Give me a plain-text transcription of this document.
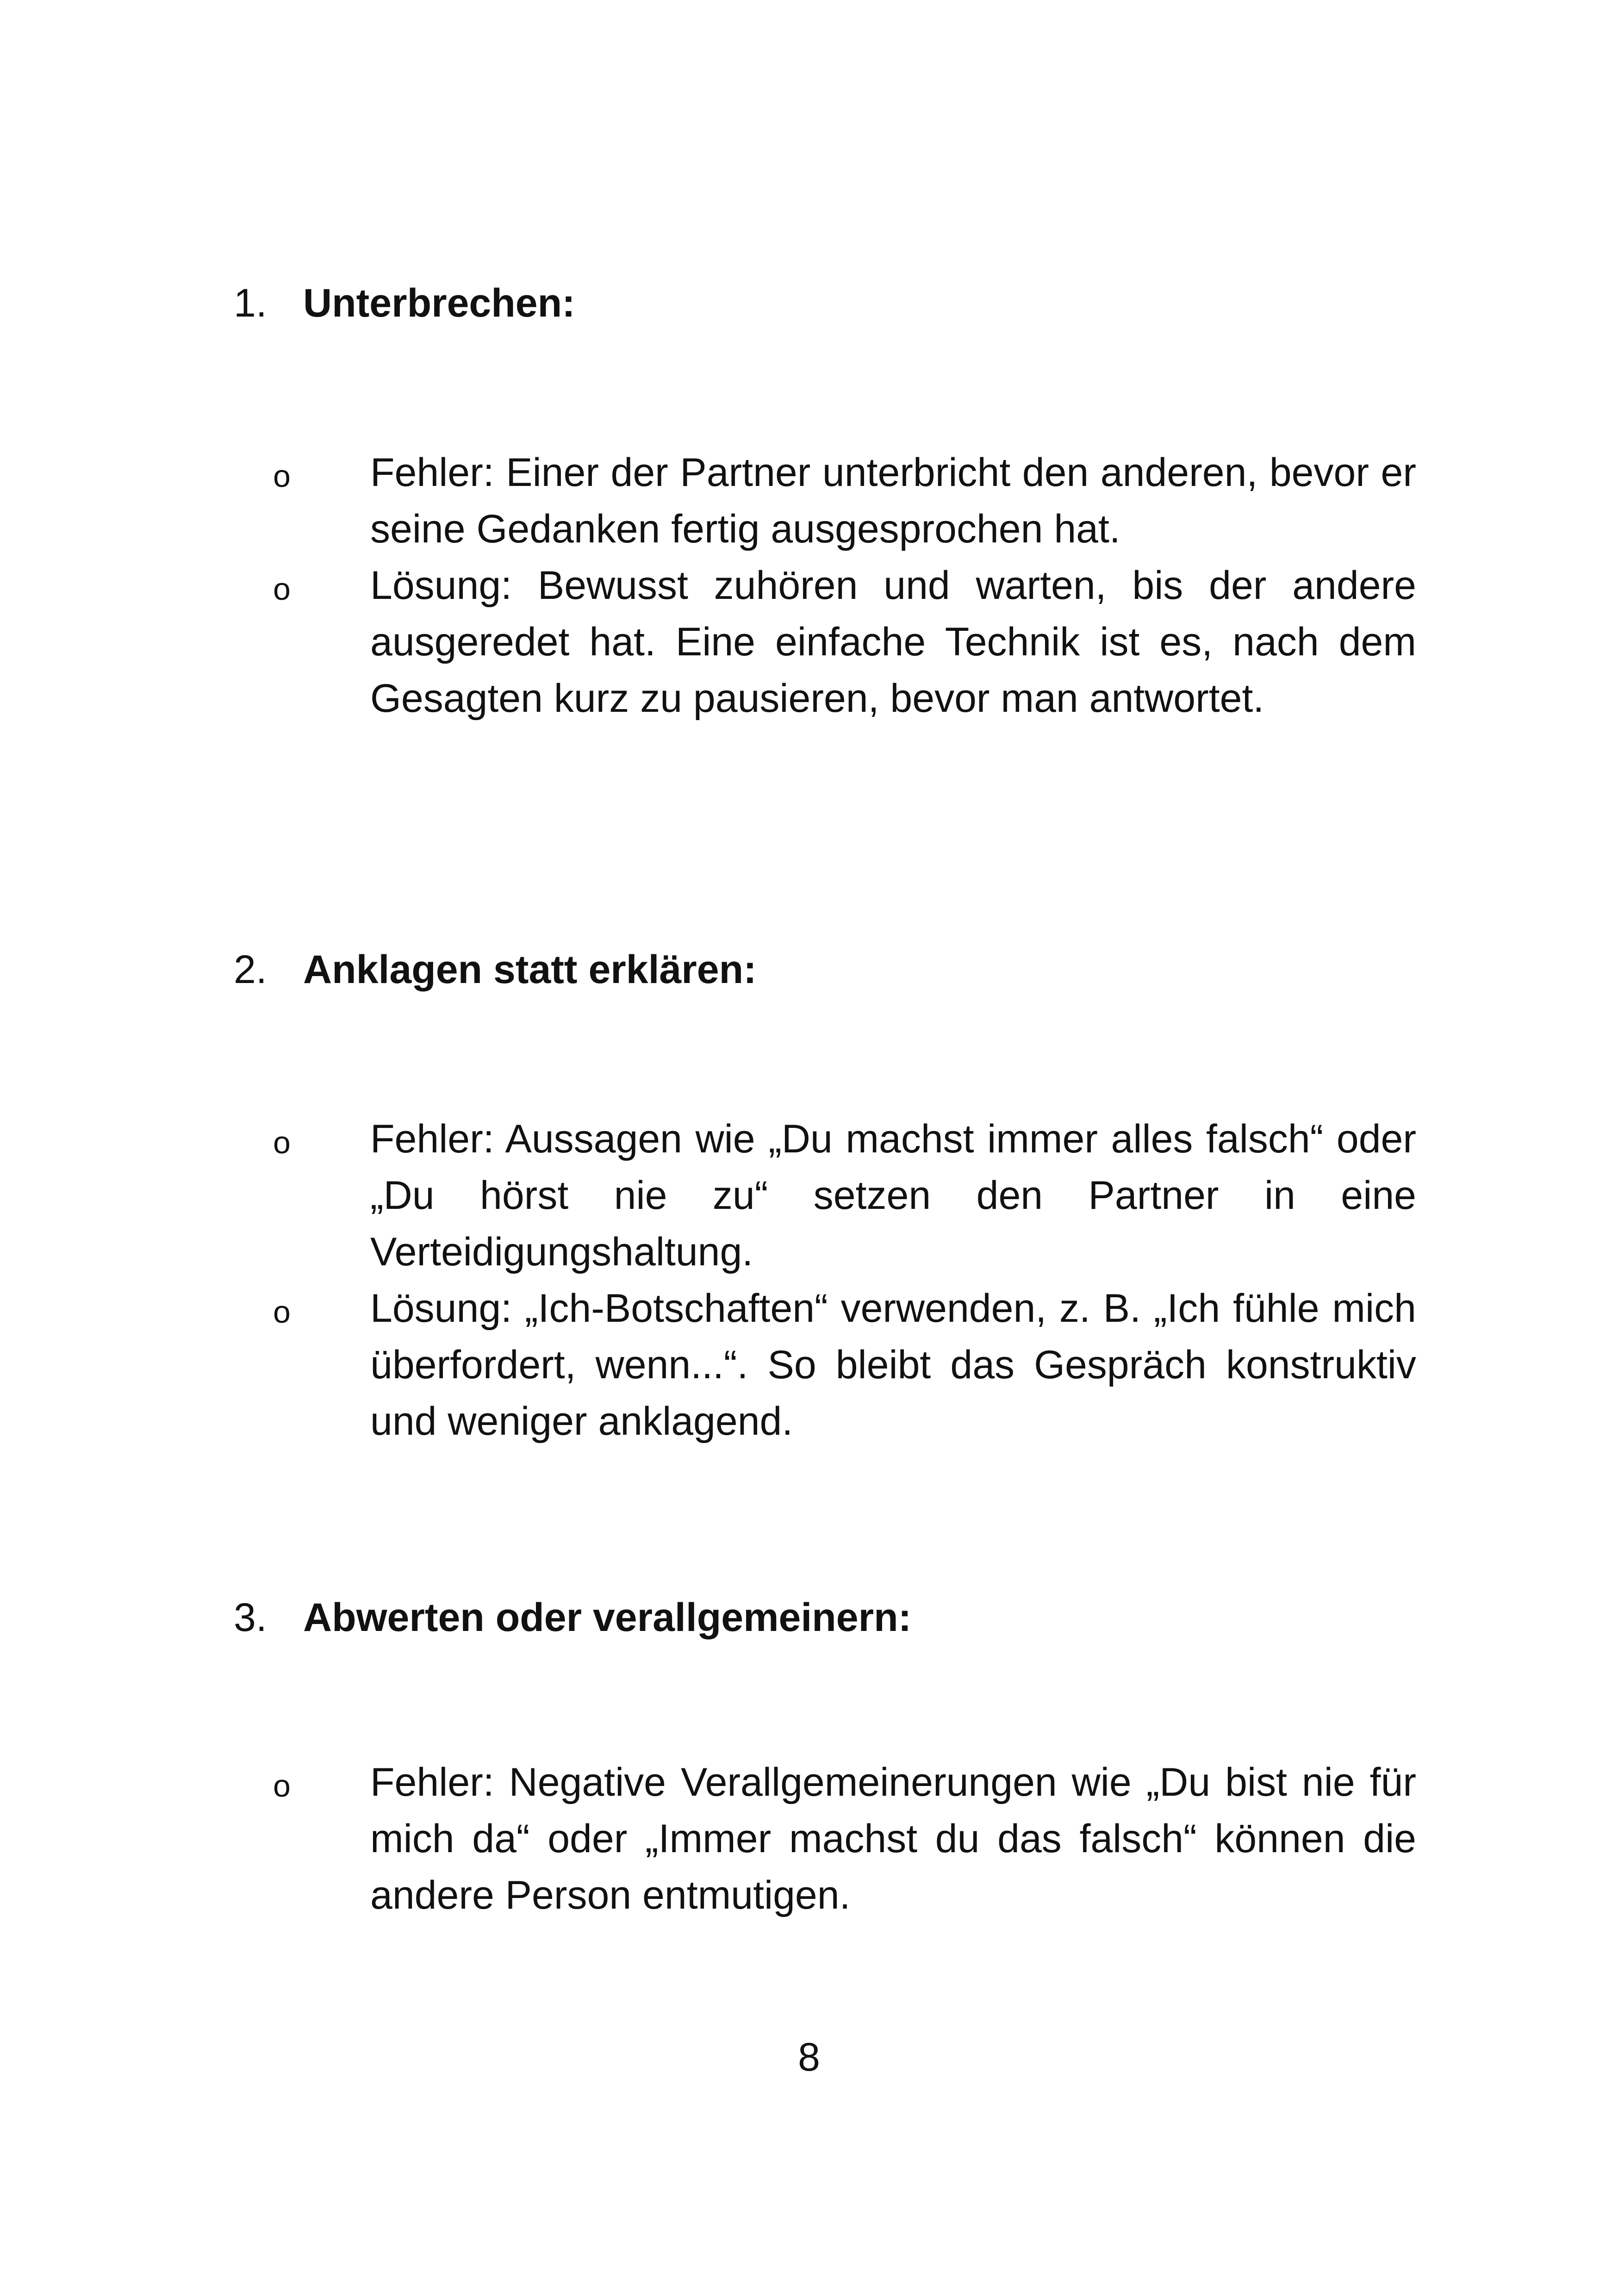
1. Unterbrechen:
o Fehler: Einer der Partner unterbricht den anderen, bevor er seine Gedanken fertig ausgesprochen hat.
o Lösung: Bewusst zuhören und warten, bis der andere ausgeredet hat. Eine einfache Technik ist es, nach dem Gesagten kurz zu pausieren, bevor man antwortet.
2. Anklagen statt erklären:
o Fehler: Aussagen wie „Du machst immer alles falsch“ oder „Du hörst nie zu“ setzen den Partner in eine Verteidigungshaltung.
o Lösung: „Ich-Botschaften“ verwenden, z. B. „Ich fühle mich überfordert, wenn...“. So bleibt das Gespräch konstruktiv und weniger anklagend.
3. Abwerten oder verallgemeinern:
o Fehler: Negative Verallgemeinerungen wie „Du bist nie für mich da“ oder „Immer machst du das falsch“ können die andere Person entmutigen.
8
